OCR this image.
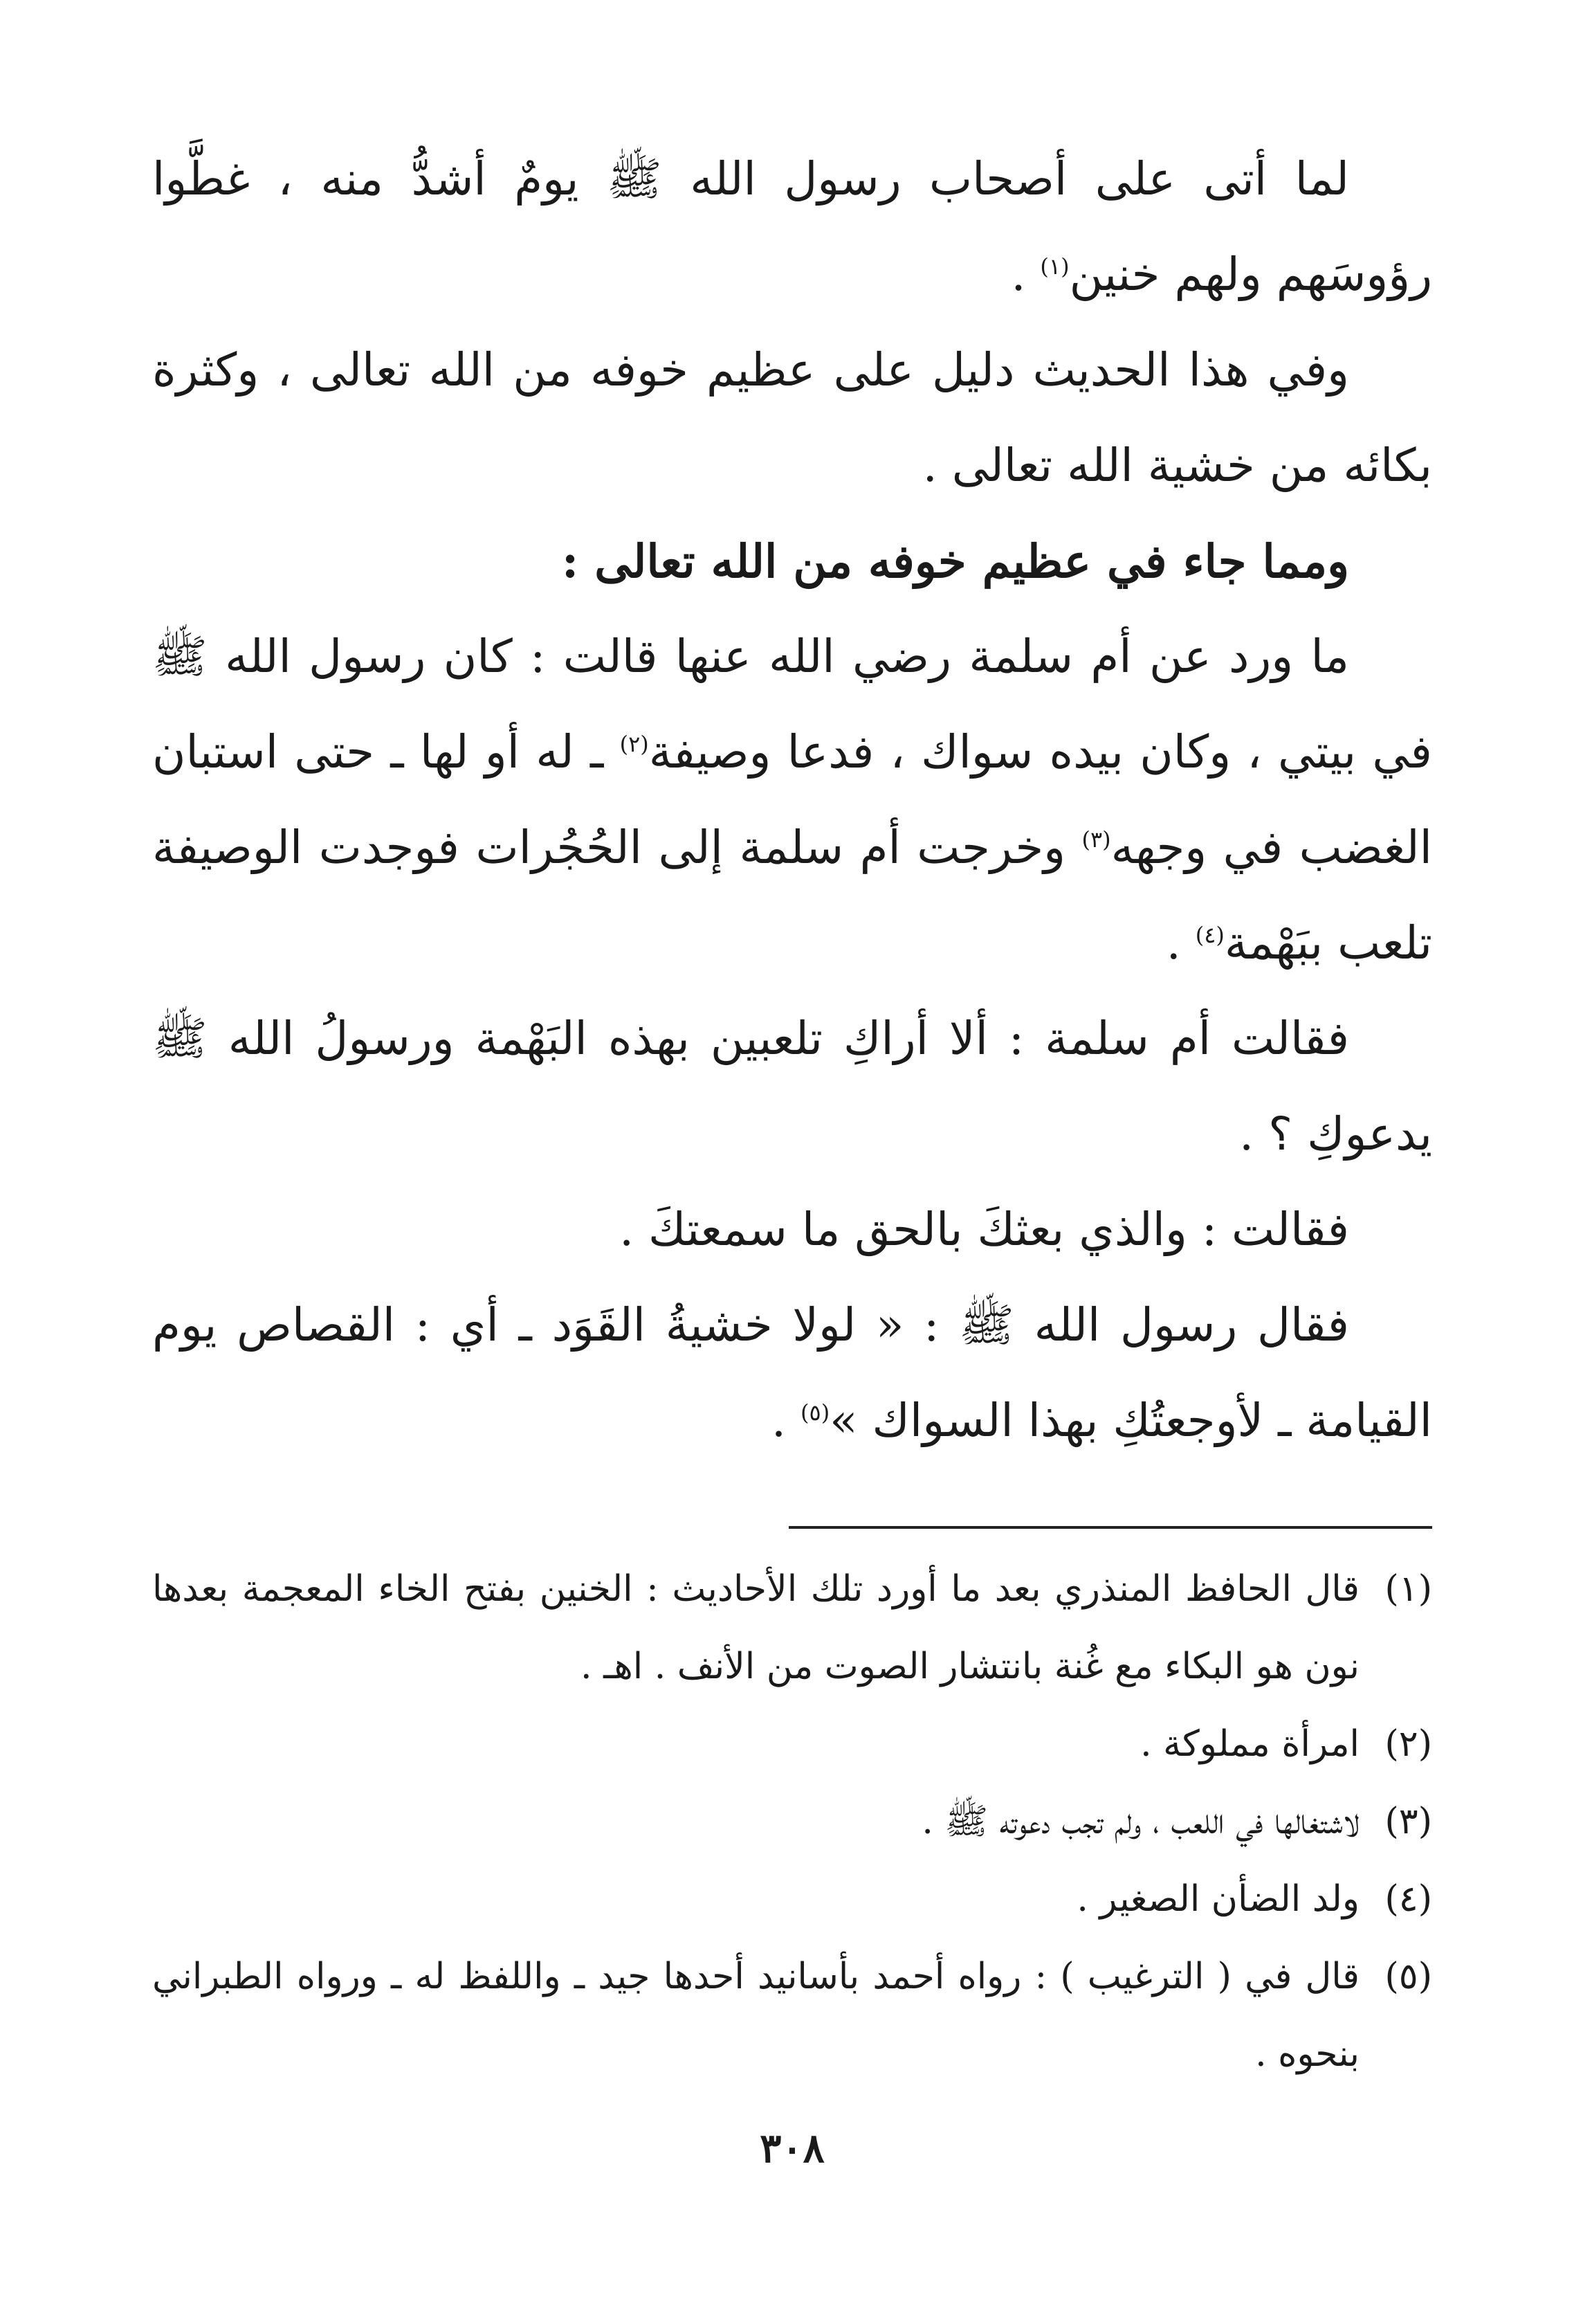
لما أتى على أصحاب رسول الله ﷺ يومٌ أشدُّ منه ، غطَّوا رؤوسَهم ولهم خنين$^{(١)}$ .

وفي هذا الحديث دليل على عظيم خوفه من الله تعالى ، وكثرة بكائه من خشية الله تعالى .

ومما جاء في عظيم خوفه من الله تعالى :

ما ورد عن أم سلمة رضي الله عنها قالت : كان رسول الله ﷺ في بيتي ، وكان بيده سواك ، فدعا وصيفة$^{(٢)}$ ـ له أو لها ـ حتى استبان الغضب في وجهه$^{(٣)}$ وخرجت أم سلمة إلى الحُجُرات فوجدت الوصيفة تلعب ببَهْمة$^{(٤)}$ .

فقالت أم سلمة : ألا أراكِ تلعبين بهذه البَهْمة ورسولُ الله ﷺ يدعوكِ ؟ .

فقالت : والذي بعثكَ بالحق ما سمعتكَ .

فقال رسول الله ﷺ : « لولا خشيةُ القَوَد ـ أي : القصاص يوم القيامة ـ لأوجعتُكِ بهذا السواك »$^{(٥)}$ .

(١)قال الحافظ المنذري بعد ما أورد تلك الأحاديث : الخنين بفتح الخاء المعجمة بعدها نون هو البكاء مع غُنة بانتشار الصوت من الأنف . اهـ .

(٢)امرأة مملوكة .

(٣)لاشتغالها في اللعب ، ولم تجب دعوته ﷺ .

(٤)ولد الضأن الصغير .

(٥)قال في ( الترغيب ) : رواه أحمد بأسانيد أحدها جيد ـ واللفظ له ـ ورواه الطبراني بنحوه .

٣٠٨
